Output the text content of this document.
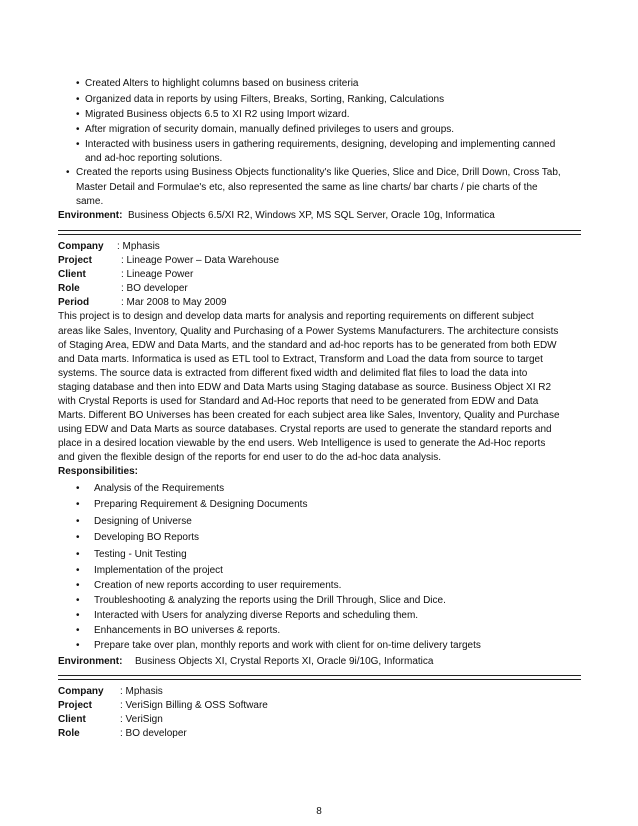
• Created Alters to highlight columns based on business criteria
• Organized data in reports by using Filters, Breaks, Sorting, Ranking, Calculations
• Migrated Business objects 6.5 to XI R2 using Import wizard.
• After migration of security domain, manually defined privileges to users and groups.
• Interacted with business users in gathering requirements, designing, developing and implementing canned
and ad-hoc reporting solutions.
• Created the reports using Business Objects functionality's like Queries, Slice and Dice, Drill Down, Cross Tab,
Master Detail and Formulae's etc, also represented the same as line charts/ bar charts / pie charts of the
same.
Environment: Business Objects 6.5/XI R2, Windows XP, MS SQL Server, Oracle 10g, Informatica
Company : Mphasis
Project	: Lineage Power – Data Warehouse
Client	: Lineage Power
Role	: BO developer
Period	: Mar 2008 to May 2009
This project is to design and develop data marts for analysis and reporting requirements on different subject
areas like Sales, Inventory, Quality and Purchasing of a Power Systems Manufacturers. The architecture consists
of Staging Area, EDW and Data Marts, and the standard and ad-hoc reports has to be generated from both EDW
and Data marts. Informatica is used as ETL tool to Extract, Transform and Load the data from source to target
systems. The source data is extracted from different fixed width and delimited flat files to load the data into
staging database and then into EDW and Data Marts using Staging database as source. Business Object XI R2
with Crystal Reports is used for Standard and Ad-Hoc reports that need to be generated from EDW and Data
Marts. Different BO Universes has been created for each subject area like Sales, Inventory, Quality and Purchase
using EDW and Data Marts as source databases. Crystal reports are used to generate the standard reports and
place in a desired location viewable by the end users. Web Intelligence is used to generate the Ad-Hoc reports
and given the flexible design of the reports for end user to do the ad-hoc data analysis.
Responsibilities:
• Analysis of the Requirements
• Preparing Requirement & Designing Documents
• Designing of Universe
• Developing BO Reports
• Testing - Unit Testing
• Implementation of the project
• Creation of new reports according to user requirements.
• Troubleshooting & analyzing the reports using the Drill Through, Slice and Dice.
• Interacted with Users for analyzing diverse Reports and scheduling them.
• Enhancements in BO universes & reports.
• Prepare take over plan, monthly reports and work with client for on-time delivery targets
Environment: Business Objects XI, Crystal Reports XI, Oracle 9i/10G, Informatica
Company : Mphasis
Project	: VeriSign Billing & OSS Software
Client	: VeriSign
Role	: BO developer
8
